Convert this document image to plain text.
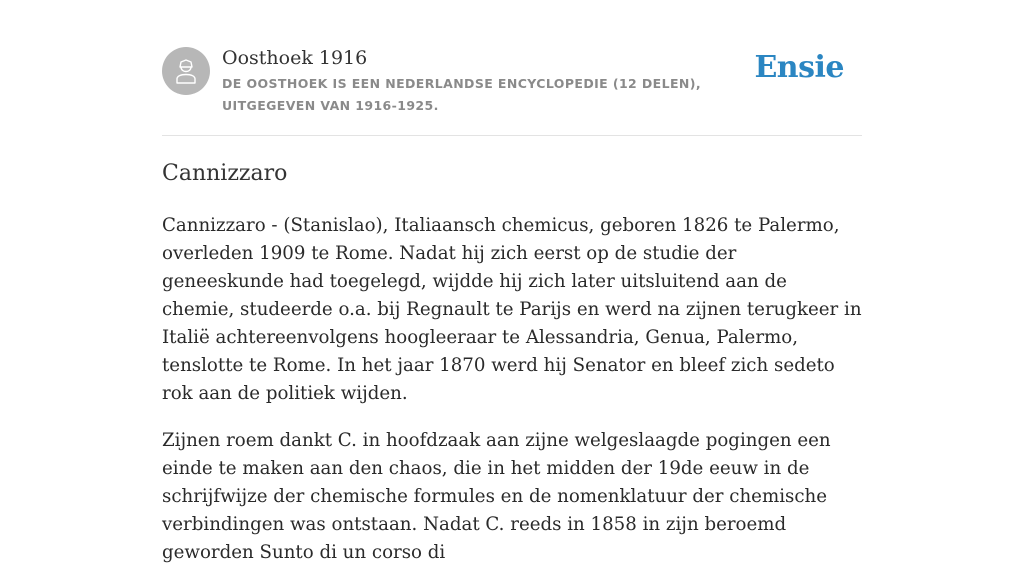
Oosthoek 1916
DE OOSTHOEK IS EEN NEDERLANDSE ENCYCLOPEDIE (12 DELEN), UITGEGEVEN VAN 1916-1925.
Ensie
Cannizzaro

Cannizzaro - (Stanislao), Italiaansch chemicus, geboren 1826 te Palermo, overleden 1909 te Rome. Nadat hij zich eerst op de studie der geneeskunde had toegelegd, wijdde hij zich later uitsluitend aan de chemie, studeerde o.a. bij Regnault te Parijs en werd na zijnen terugkeer in Italië achtereenvolgens hoogleeraar te Alessandria, Genua, Palermo, tenslotte te Rome. In het jaar 1870 werd hij Senator en bleef zich sedeto rok aan de politiek wijden.

Zijnen roem dankt C. in hoofdzaak aan zijne welgeslaagde pogingen een einde te maken aan den chaos, die in het midden der 19de eeuw in de schrijfwijze der chemische formules en de nomenklatuur der chemische verbindingen was ontstaan. Nadat C. reeds in 1858 in zijn beroemd geworden Sunto di un corso di
